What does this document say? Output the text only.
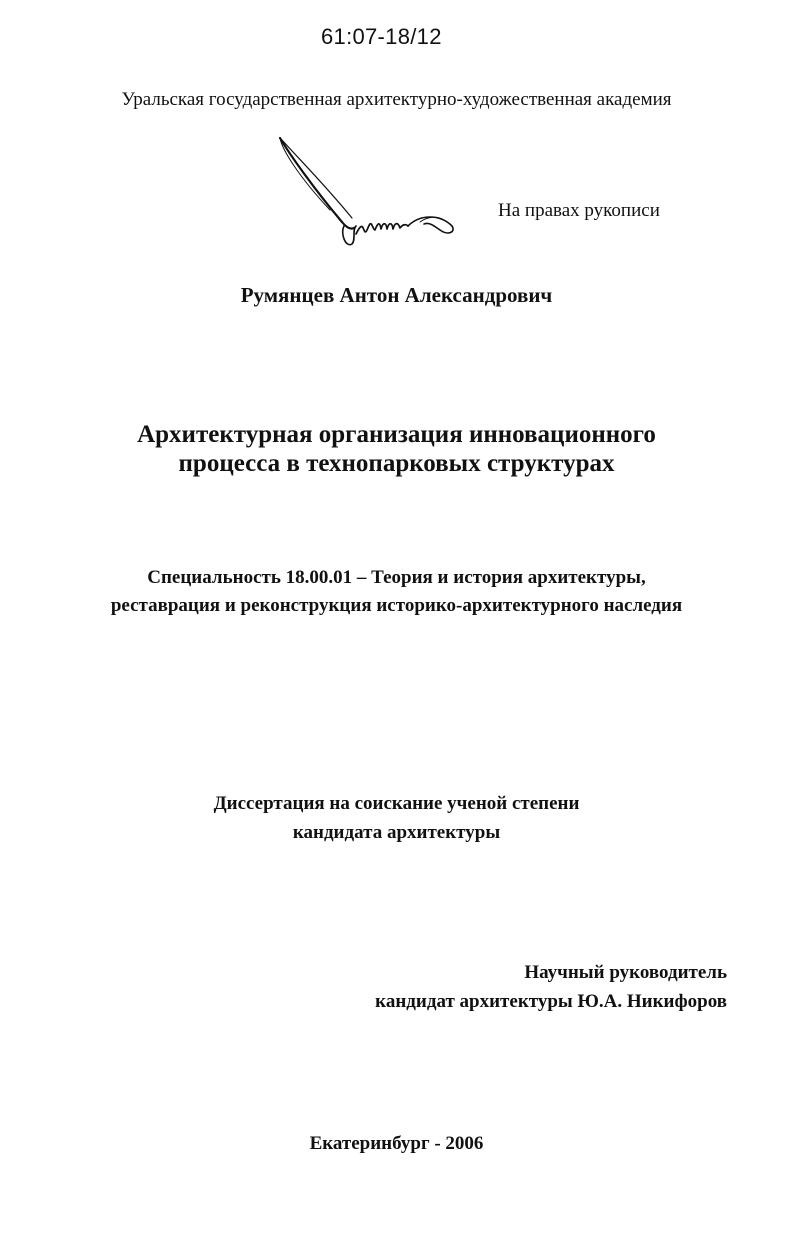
61:07-18/12
Уральская государственная архитектурно-художественная академия
На правах рукописи
Румянцев Антон Александрович
Архитектурная организация инновационного
процесса в технопарковых структурах
Специальность 18.00.01 – Теория и история архитектуры,
реставрация и реконструкция историко-архитектурного наследия
Диссертация на соискание ученой степени
кандидата архитектуры
Научный руководитель
кандидат архитектуры Ю.А. Никифоров
Екатеринбург - 2006
